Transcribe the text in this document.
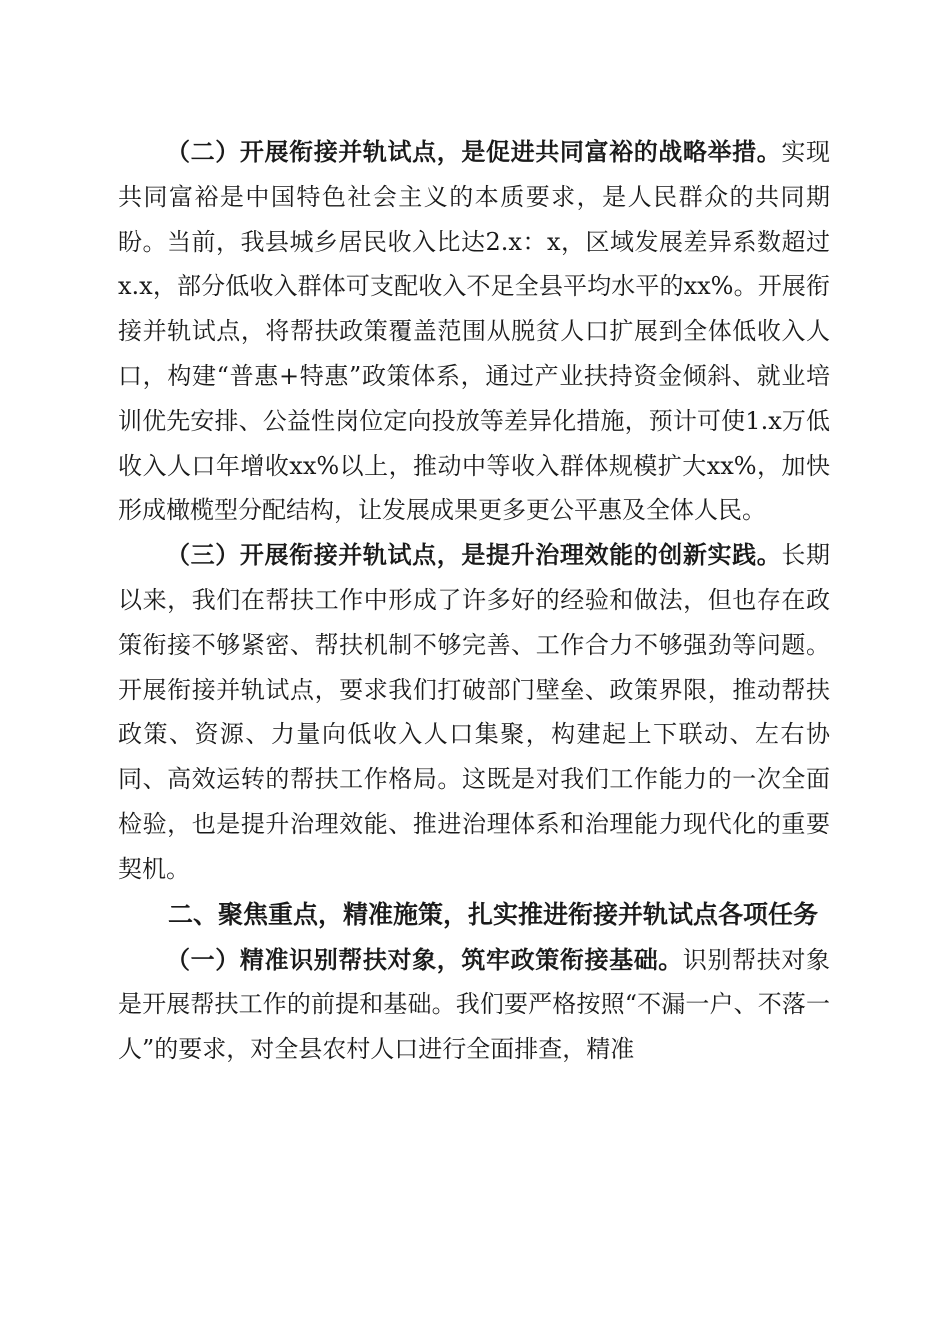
（二）开展衔接并轨试点，是促进共同富裕的战略举措。实现共同富裕是中国特色社会主义的本质要求，是人民群众的共同期盼。当前，我县城乡居民收入比达2.x：x，区域发展差异系数超过x.x，部分低收入群体可支配收入不足全县平均水平的xx%。开展衔接并轨试点，将帮扶政策覆盖范围从脱贫人口扩展到全体低收入人口，构建“普惠+特惠”政策体系，通过产业扶持资金倾斜、就业培训优先安排、公益性岗位定向投放等差异化措施，预计可使1.x万低收入人口年增收xx%以上，推动中等收入群体规模扩大xx%，加快形成橄榄型分配结构，让发展成果更多更公平惠及全体人民。

（三）开展衔接并轨试点，是提升治理效能的创新实践。长期以来，我们在帮扶工作中形成了许多好的经验和做法，但也存在政策衔接不够紧密、帮扶机制不够完善、工作合力不够强劲等问题。开展衔接并轨试点，要求我们打破部门壁垒、政策界限，推动帮扶政策、资源、力量向低收入人口集聚，构建起上下联动、左右协同、高效运转的帮扶工作格局。这既是对我们工作能力的一次全面检验，也是提升治理效能、推进治理体系和治理能力现代化的重要契机。

二、聚焦重点，精准施策，扎实推进衔接并轨试点各项任务

（一）精准识别帮扶对象，筑牢政策衔接基础。识别帮扶对象是开展帮扶工作的前提和基础。我们要严格按照“不漏一户、不落一人”的要求，对全县农村人口进行全面排查，精准
